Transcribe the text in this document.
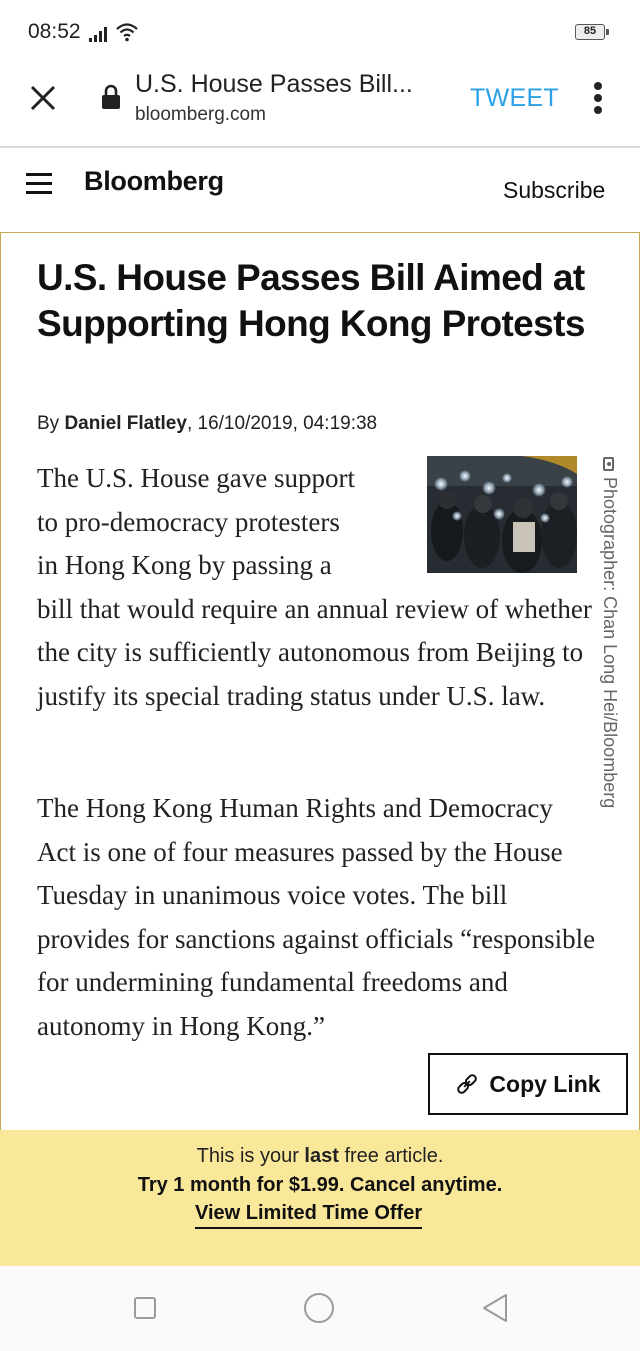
08:52	85
U.S. House Passes Bill...
bloomberg.com
TWEET
Bloomberg	Subscribe
U.S. House Passes Bill Aimed at Supporting Hong Kong Protests
By Daniel Flatley, 16/10/2019, 04:19:38
Photographer: Chan Long Hei/Bloomberg

The U.S. House gave support
to pro-democracy protesters
in Hong Kong by passing a
bill that would require an annual review of whether the city is sufficiently autonomous from Beijing to justify its special trading status under U.S. law.

The Hong Kong Human Rights and Democracy Act is one of four measures passed by the House Tuesday in unanimous voice votes. The bill provides for sanctions against officials “responsible for undermining fundamental freedoms and autonomy in Hong Kong.”

Copy Link
This is your last free article.
Try 1 month for $1.99. Cancel anytime.
View Limited Time Offer
